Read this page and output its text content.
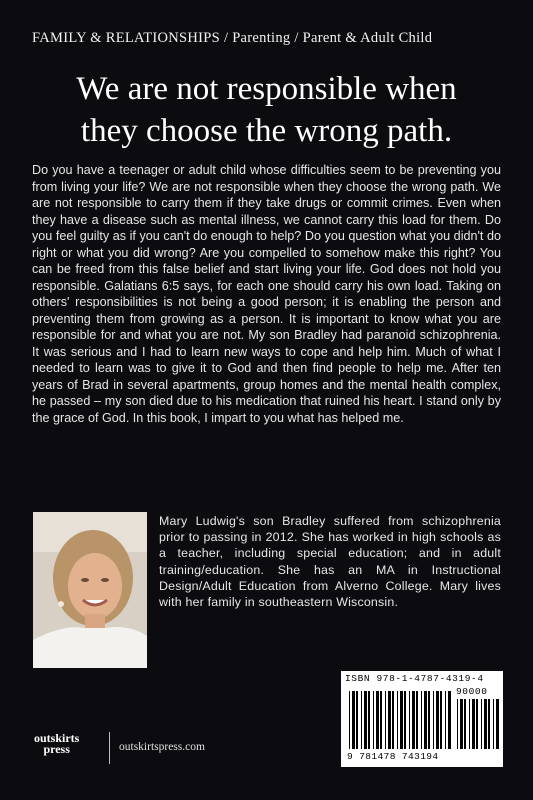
FAMILY & RELATIONSHIPS / Parenting / Parent & Adult Child
We are not responsible when
they choose the wrong path.
Do you have a teenager or adult child whose difficulties seem to be preventing you from living your life? We are not responsible when they choose the wrong path. We are not responsible to carry them if they take drugs or commit crimes. Even when they have a disease such as mental illness, we cannot carry this load for them. Do you feel guilty as if you can't do enough to help? Do you question what you didn't do right or what you did wrong? Are you compelled to somehow make this right? You can be freed from this false belief and start living your life. God does not hold you responsible. Galatians 6:5 says, for each one should carry his own load. Taking on others' responsibilities is not being a good person; it is enabling the person and preventing them from growing as a person. It is important to know what you are responsible for and what you are not. My son Bradley had paranoid schizophrenia. It was serious and I had to learn new ways to cope and help him. Much of what I needed to learn was to give it to God and then find people to help me. After ten years of Brad in several apartments, group homes and the mental health complex, he passed – my son died due to his medication that ruined his heart. I stand only by the grace of God. In this book, I impart to you what has helped me.
Mary Ludwig's son Bradley suffered from schizophrenia prior to passing in 2012. She has worked in high schools as a teacher, including special education; and in adult training/education. She has an MA in Instructional Design/Adult Education from Alverno College. Mary lives with her family in southeastern Wisconsin.
ISBN 978-1-4787-4319-4
90000
9 781478 743194
outskirts
press	outskirtspress.com
